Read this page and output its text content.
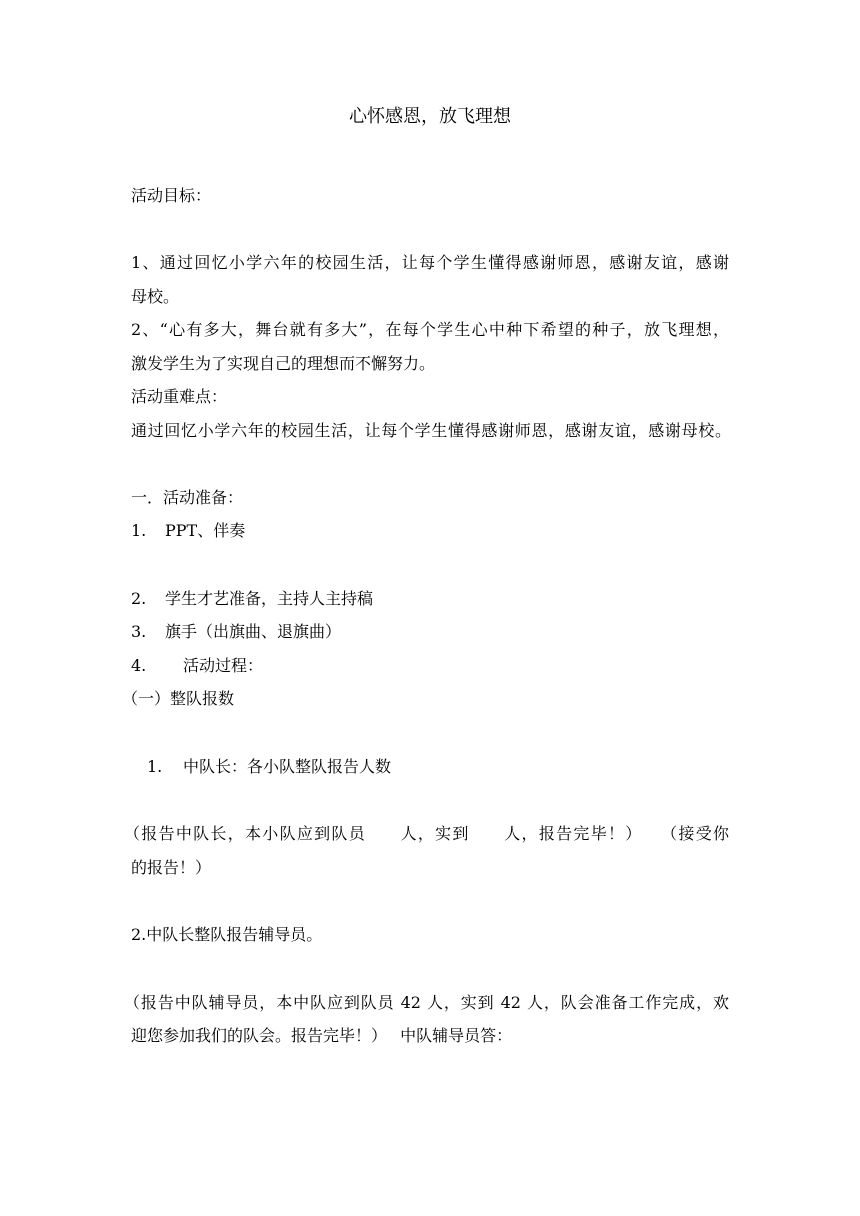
心怀感恩，放飞理想

活动目标：

1、通过回忆小学六年的校园生活，让每个学生懂得感谢师恩，感谢友谊，感谢

母校。

2、“心有多大，舞台就有多大”，在每个学生心中种下希望的种子，放飞理想，

激发学生为了实现自己的理想而不懈努力。

活动重难点：

通过回忆小学六年的校园生活，让每个学生懂得感谢师恩，感谢友谊，感谢母校。

一．活动准备：

1. PPT、伴奏

2. 学生才艺准备，主持人主持稿

3. 旗手（出旗曲、退旗曲）

4. 活动过程：

（一）整队报数

1. 中队长：各小队整队报告人数

（报告中队长，本小队应到队员　　人，实到　　人，报告完毕！）　　（接受你

的报告！）

2.中队长整队报告辅导员。

（报告中队辅导员，本中队应到队员 42 人，实到 42 人，队会准备工作完成，欢

迎您参加我们的队会。报告完毕！）　 中队辅导员答：
